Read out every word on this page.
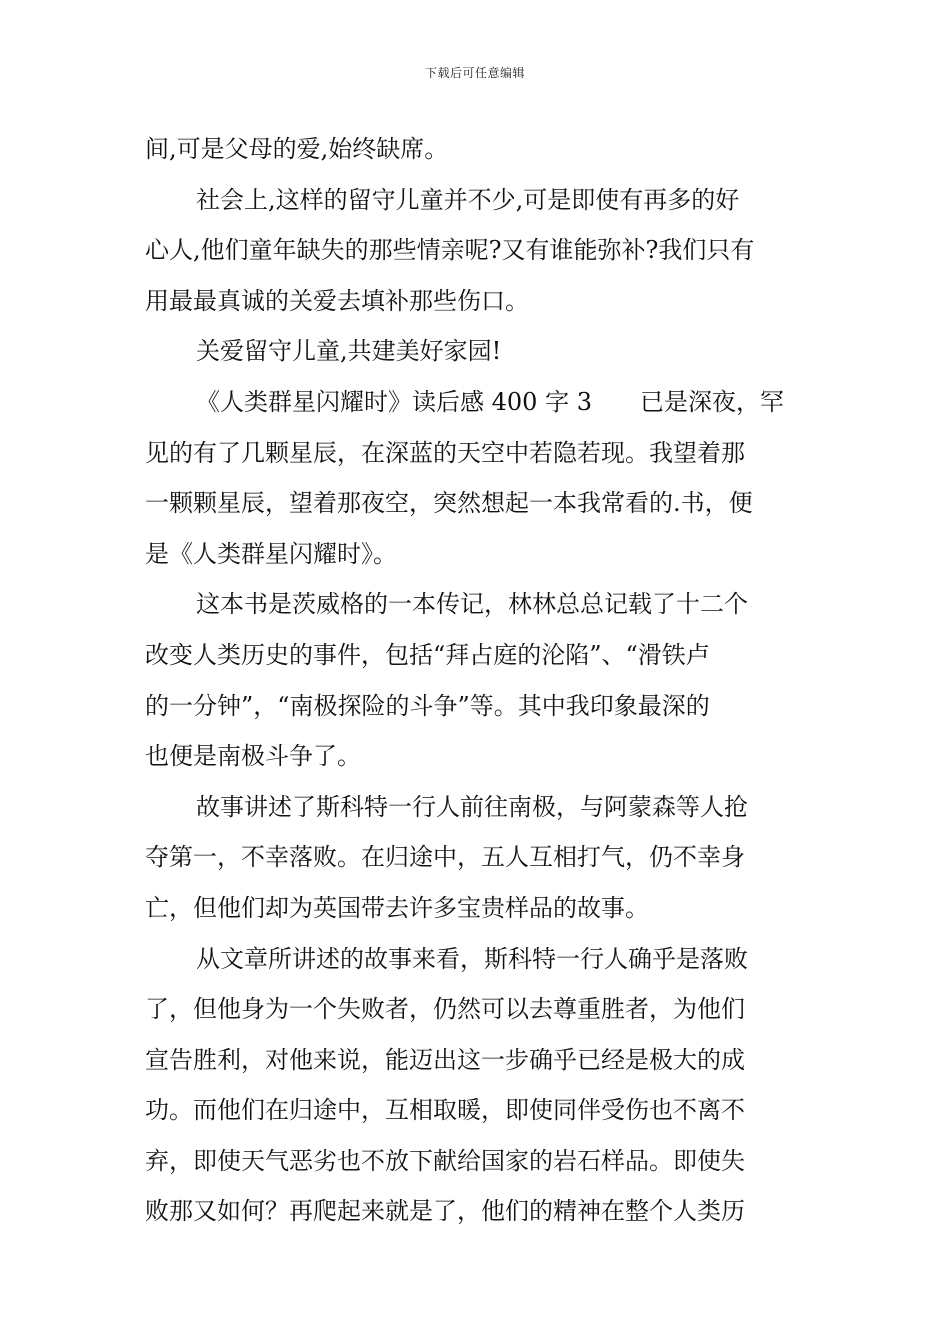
下载后可任意编辑
间,可是父母的爱,始终缺席。
社会上,这样的留守儿童并不少,可是即使有再多的好
心人,他们童年缺失的那些情亲呢?又有谁能弥补?我们只有
用最最真诚的关爱去填补那些伤口。
关爱留守儿童,共建美好家园!
《人类群星闪耀时》读后感 400 字 3　　已是深夜，罕
见的有了几颗星辰，在深蓝的天空中若隐若现。我望着那
一颗颗星辰，望着那夜空，突然想起一本我常看的.书，便
是《人类群星闪耀时》。
这本书是茨威格的一本传记，林林总总记载了十二个
改变人类历史的事件，包括“拜占庭的沦陷”、“滑铁卢
的一分钟”，“南极探险的斗争”等。其中我印象最深的
也便是南极斗争了。
故事讲述了斯科特一行人前往南极，与阿蒙森等人抢
夺第一，不幸落败。在归途中，五人互相打气，仍不幸身
亡，但他们却为英国带去许多宝贵样品的故事。
从文章所讲述的故事来看，斯科特一行人确乎是落败
了，但他身为一个失败者，仍然可以去尊重胜者，为他们
宣告胜利，对他来说，能迈出这一步确乎已经是极大的成
功。而他们在归途中，互相取暖，即使同伴受伤也不离不
弃，即使天气恶劣也不放下献给国家的岩石样品。即使失
败那又如何？再爬起来就是了，他们的精神在整个人类历
